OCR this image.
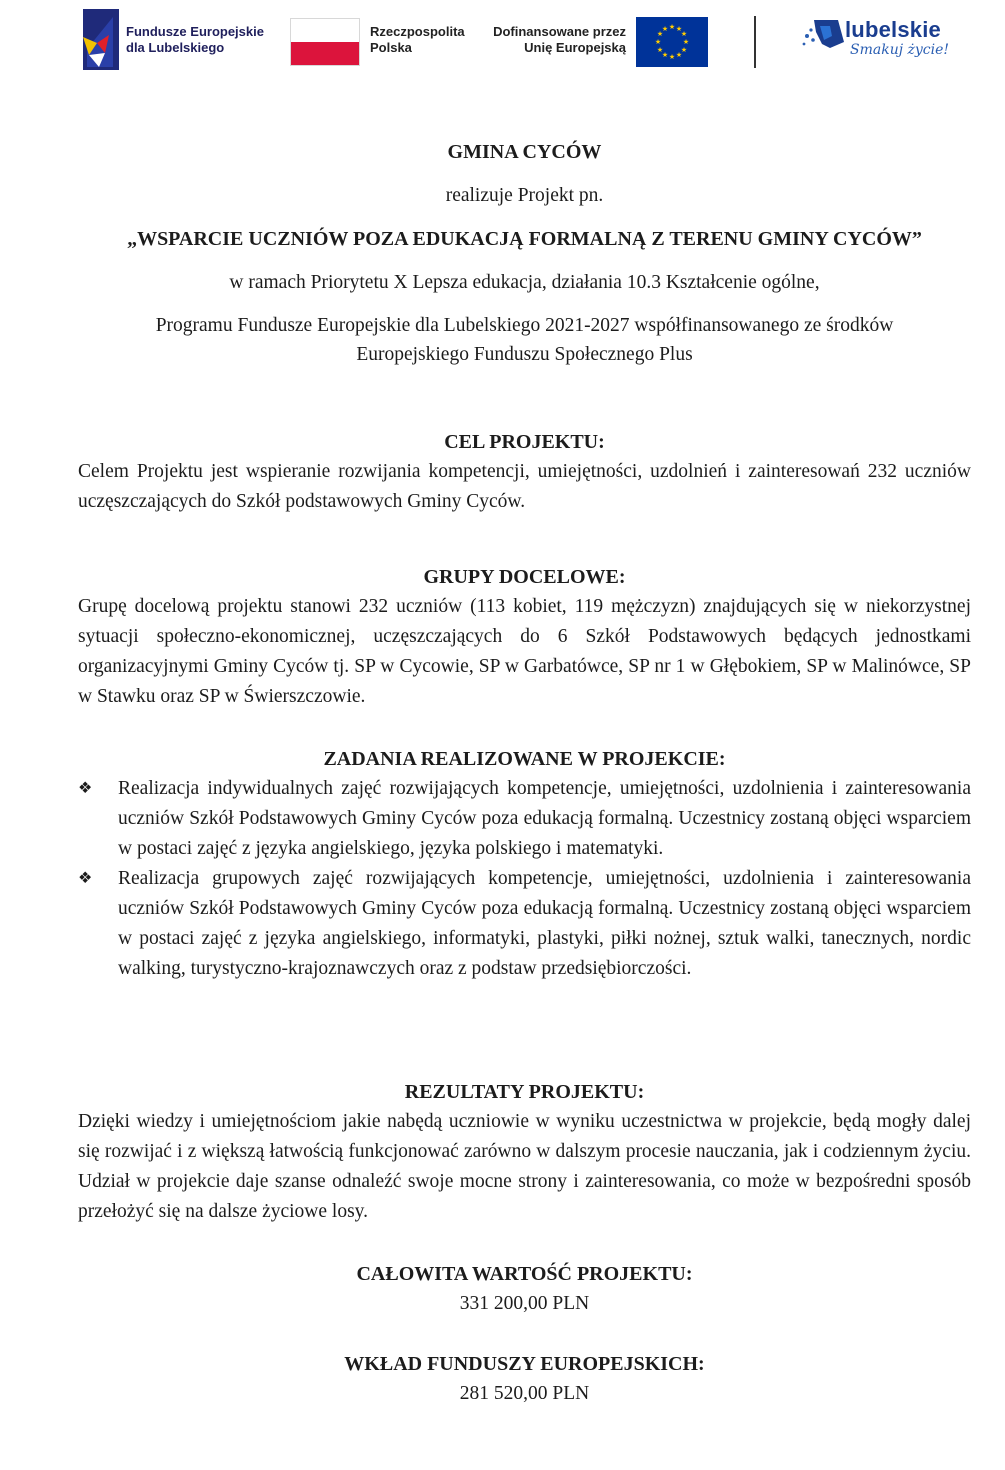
Fundusze Europejskie
dla Lubelskiego
Rzeczpospolita
Polska
Dofinansowane przez
Unię Europejską
★ ★
★
★
★
★
★
★
★
★
★
★	lubelskie
Smakuj życie!
GMINA CYCÓW
realizuje Projekt pn.
„WSPARCIE UCZNIÓW POZA EDUKACJĄ FORMALNĄ Z TERENU GMINY CYCÓW”
w ramach Priorytetu X Lepsza edukacja, działania 10.3 Kształcenie ogólne,
Programu Fundusze Europejskie dla Lubelskiego 2021-2027 współfinansowanego ze środków
Europejskiego Funduszu Społecznego Plus
CEL PROJEKTU:
Celem Projektu jest wspieranie rozwijania kompetencji, umiejętności, uzdolnień i zainteresowań 232 uczniów uczęszczających do Szkół podstawowych Gminy Cyców.
GRUPY DOCELOWE:
Grupę docelową projektu stanowi 232 uczniów (113 kobiet, 119 mężczyzn) znajdujących się w niekorzystnej sytuacji społeczno-ekonomicznej, uczęszczających do 6 Szkół Podstawowych będących jednostkami organizacyjnymi Gminy Cyców tj. SP w Cycowie, SP w Garbatówce, SP nr 1 w Głębokiem, SP w Malinówce, SP w Stawku oraz SP w Świerszczowie.
ZADANIA REALIZOWANE W PROJEKCIE:
❖ Realizacja indywidualnych zajęć rozwijających kompetencje, umiejętności, uzdolnienia i zainteresowania uczniów Szkół Podstawowych Gminy Cyców poza edukacją formalną. Uczestnicy zostaną objęci wsparciem w postaci zajęć z języka angielskiego, języka polskiego i matematyki.
❖ Realizacja grupowych zajęć rozwijających kompetencje, umiejętności, uzdolnienia i zainteresowania uczniów Szkół Podstawowych Gminy Cyców poza edukacją formalną. Uczestnicy zostaną objęci wsparciem w postaci zajęć z języka angielskiego, informatyki, plastyki, piłki nożnej, sztuk walki, tanecznych, nordic walking, turystyczno-krajoznawczych oraz z podstaw przedsiębiorczości.
REZULTATY PROJEKTU:
Dzięki wiedzy i umiejętnościom jakie nabędą uczniowie w wyniku uczestnictwa w projekcie, będą mogły dalej się rozwijać i z większą łatwością funkcjonować zarówno w dalszym procesie nauczania, jak i codziennym życiu. Udział w projekcie daje szanse odnaleźć swoje mocne strony i zainteresowania, co może w bezpośredni sposób przełożyć się na dalsze życiowe losy.
CAŁOWITA WARTOŚĆ PROJEKTU:
331 200,00 PLN
WKŁAD FUNDUSZY EUROPEJSKICH:
281 520,00 PLN
